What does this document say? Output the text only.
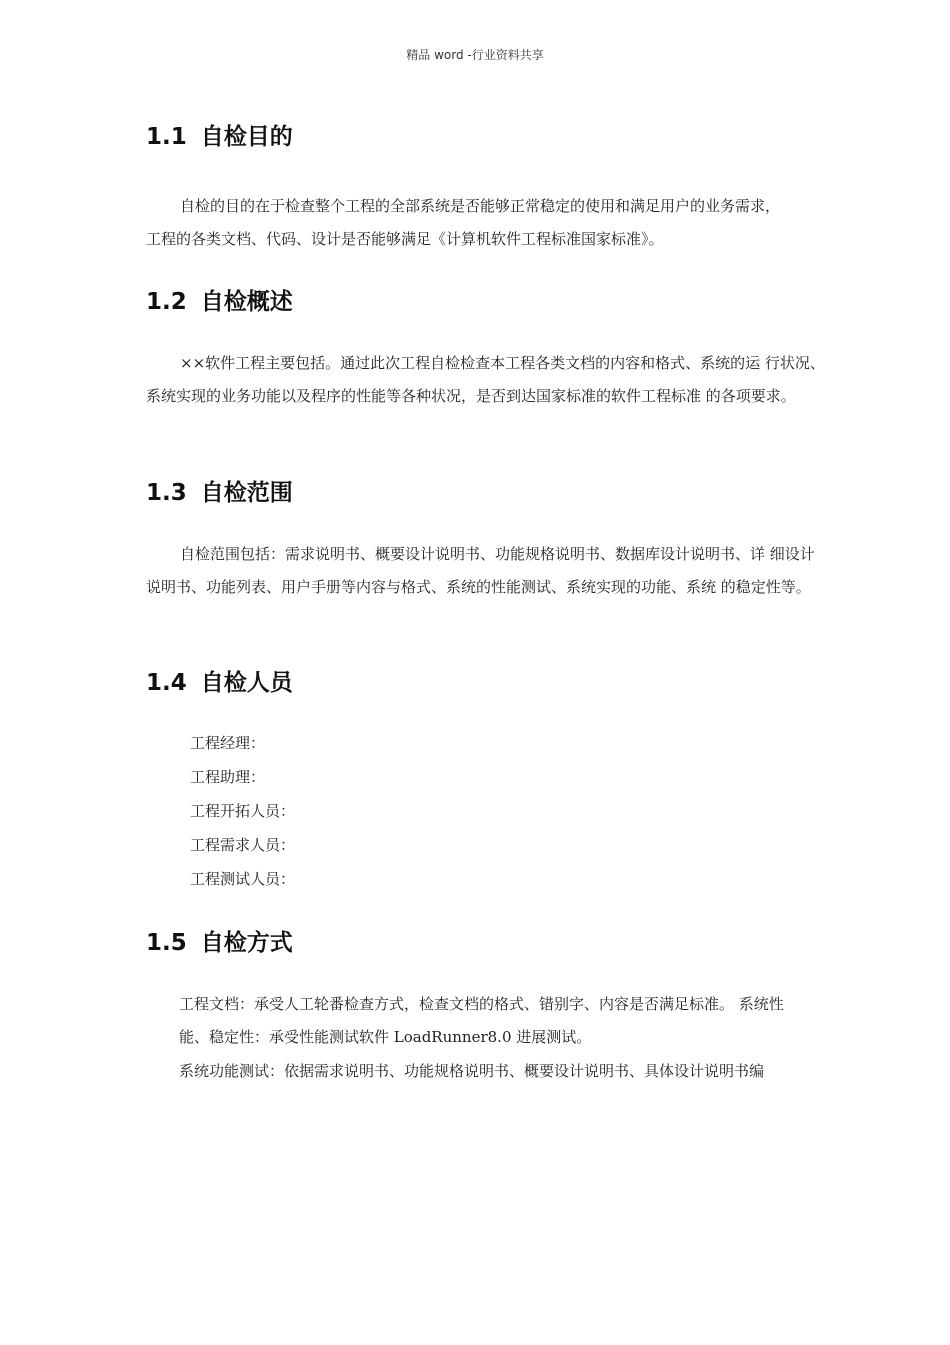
精品 word -行业资料共享
1.1 自检目的

自检的目的在于检查整个工程的全部系统是否能够正常稳定的使用和满足用户的业务需求，工程的各类文档、代码、设计是否能够满足《计算机软件工程标准国家标准》。

1.2 自检概述

××软件工程主要包括。通过此次工程自检检查本工程各类文档的内容和格式、系统的运 行状况、系统实现的业务功能以及程序的性能等各种状况，是否到达国家标准的软件工程标准 的各项要求。

1.3 自检范围

自检范围包括：需求说明书、概要设计说明书、功能规格说明书、数据库设计说明书、详 细设计说明书、功能列表、用户手册等内容与格式、系统的性能测试、系统实现的功能、系统 的稳定性等。

1.4 自检人员
工程经理：
工程助理：
工程开拓人员：
工程需求人员：
工程测试人员：
1.5 自检方式

工程文档：承受人工轮番检查方式，检查文档的格式、错别字、内容是否满足标准。 系统性能、稳定性：承受性能测试软件 LoadRunner8.0 进展测试。

系统功能测试：依据需求说明书、功能规格说明书、概要设计说明书、具体设计说明书编
